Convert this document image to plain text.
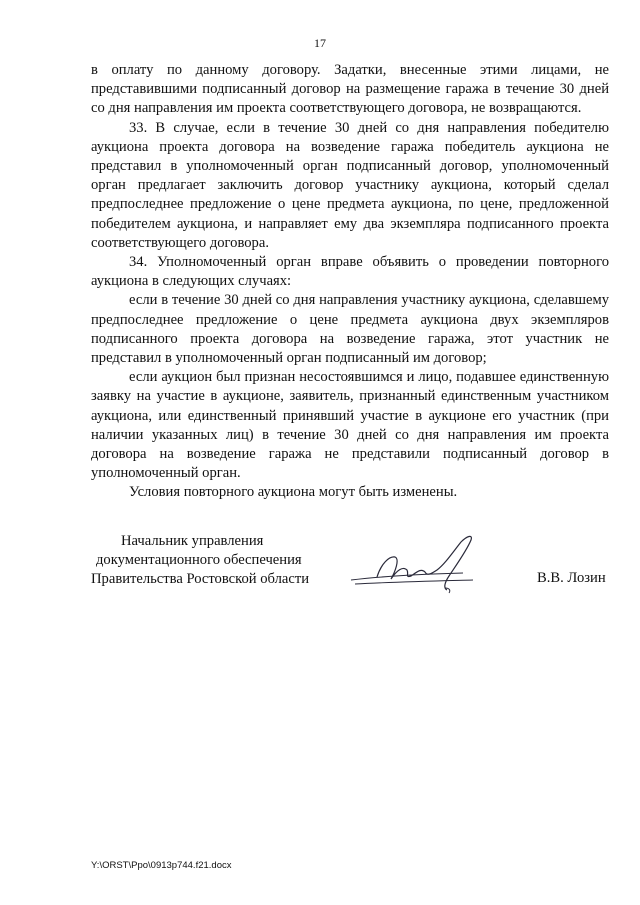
17

в оплату по данному договору. Задатки, внесенные этими лицами, не представившими подписанный договор на размещение гаража в течение 30 дней со дня направления им проекта соответствующего договора, не возвращаются.

33. В случае, если в течение 30 дней со дня направления победителю аукциона проекта договора на возведение гаража победитель аукциона не представил в уполномоченный орган подписанный договор, уполномоченный орган предлагает заключить договор участнику аукциона, который сделал предпоследнее предложение о цене предмета аукциона, по цене, предложенной победителем аукциона, и направляет ему два экземпляра подписанного проекта соответствующего договора.

34. Уполномоченный орган вправе объявить о проведении повторного аукциона в следующих случаях:

если в течение 30 дней со дня направления участнику аукциона, сделавшему предпоследнее предложение о цене предмета аукциона двух экземпляров подписанного проекта договора на возведение гаража, этот участник не представил в уполномоченный орган подписанный им договор;

если аукцион был признан несостоявшимся и лицо, подавшее единственную заявку на участие в аукционе, заявитель, признанный единственным участником аукциона, или единственный принявший участие в аукционе его участник (при наличии указанных лиц) в течение 30 дней со дня направления им проекта договора на возведение гаража не представили подписанный договор в уполномоченный орган.

Условия повторного аукциона могут быть изменены.

Начальник управления
документационного обеспечения
Правительства Ростовской области	В.В. Лозин
Y:\ORST\Ppo\0913p744.f21.docx
